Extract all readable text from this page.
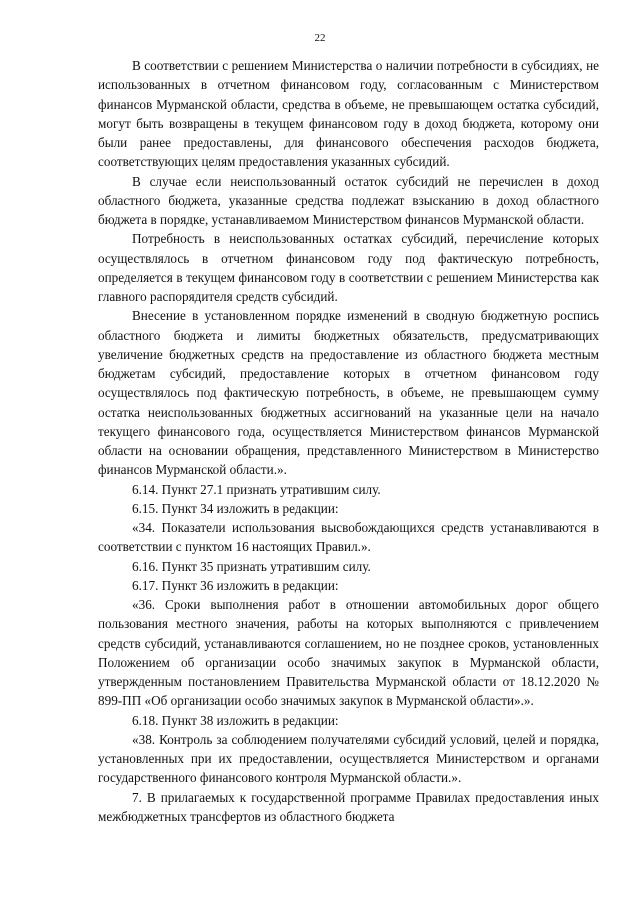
22

В соответствии с решением Министерства о наличии потребности в субсидиях, не использованных в отчетном финансовом году, согласованным с Министерством финансов Мурманской области, средства в объеме, не превышающем остатка субсидий, могут быть возвращены в текущем финансовом году в доход бюджета, которому они были ранее предоставлены, для финансового обеспечения расходов бюджета, соответствующих целям предоставления указанных субсидий.

В случае если неиспользованный остаток субсидий не перечислен в доход областного бюджета, указанные средства подлежат взысканию в доход областного бюджета в порядке, устанавливаемом Министерством финансов Мурманской области.

Потребность в неиспользованных остатках субсидий, перечисление которых осуществлялось в отчетном финансовом году под фактическую потребность, определяется в текущем финансовом году в соответствии с решением Министерства как главного распорядителя средств субсидий.

Внесение в установленном порядке изменений в сводную бюджетную роспись областного бюджета и лимиты бюджетных обязательств, предусматривающих увеличение бюджетных средств на предоставление из областного бюджета местным бюджетам субсидий, предоставление которых в отчетном финансовом году осуществлялось под фактическую потребность, в объеме, не превышающем сумму остатка неиспользованных бюджетных ассигнований на указанные цели на начало текущего финансового года, осуществляется Министерством финансов Мурманской области на основании обращения, представленного Министерством в Министерство финансов Мурманской области.».

6.14. Пункт 27.1 признать утратившим силу.

6.15. Пункт 34 изложить в редакции:

«34. Показатели использования высвобождающихся средств устанавливаются в соответствии с пунктом 16 настоящих Правил.».

6.16. Пункт 35 признать утратившим силу.

6.17. Пункт 36 изложить в редакции:

«36. Сроки выполнения работ в отношении автомобильных дорог общего пользования местного значения, работы на которых выполняются с привлечением средств субсидий, устанавливаются соглашением, но не позднее сроков, установленных Положением об организации особо значимых закупок в Мурманской области, утвержденным постановлением Правительства Мурманской области от 18.12.2020 № 899-ПП «Об организации особо значимых закупок в Мурманской области».».

6.18. Пункт 38 изложить в редакции:

«38. Контроль за соблюдением получателями субсидий условий, целей и порядка, установленных при их предоставлении, осуществляется Министерством и органами государственного финансового контроля Мурманской области.».

7. В прилагаемых к государственной программе Правилах предоставления иных межбюджетных трансфертов из областного бюджета
